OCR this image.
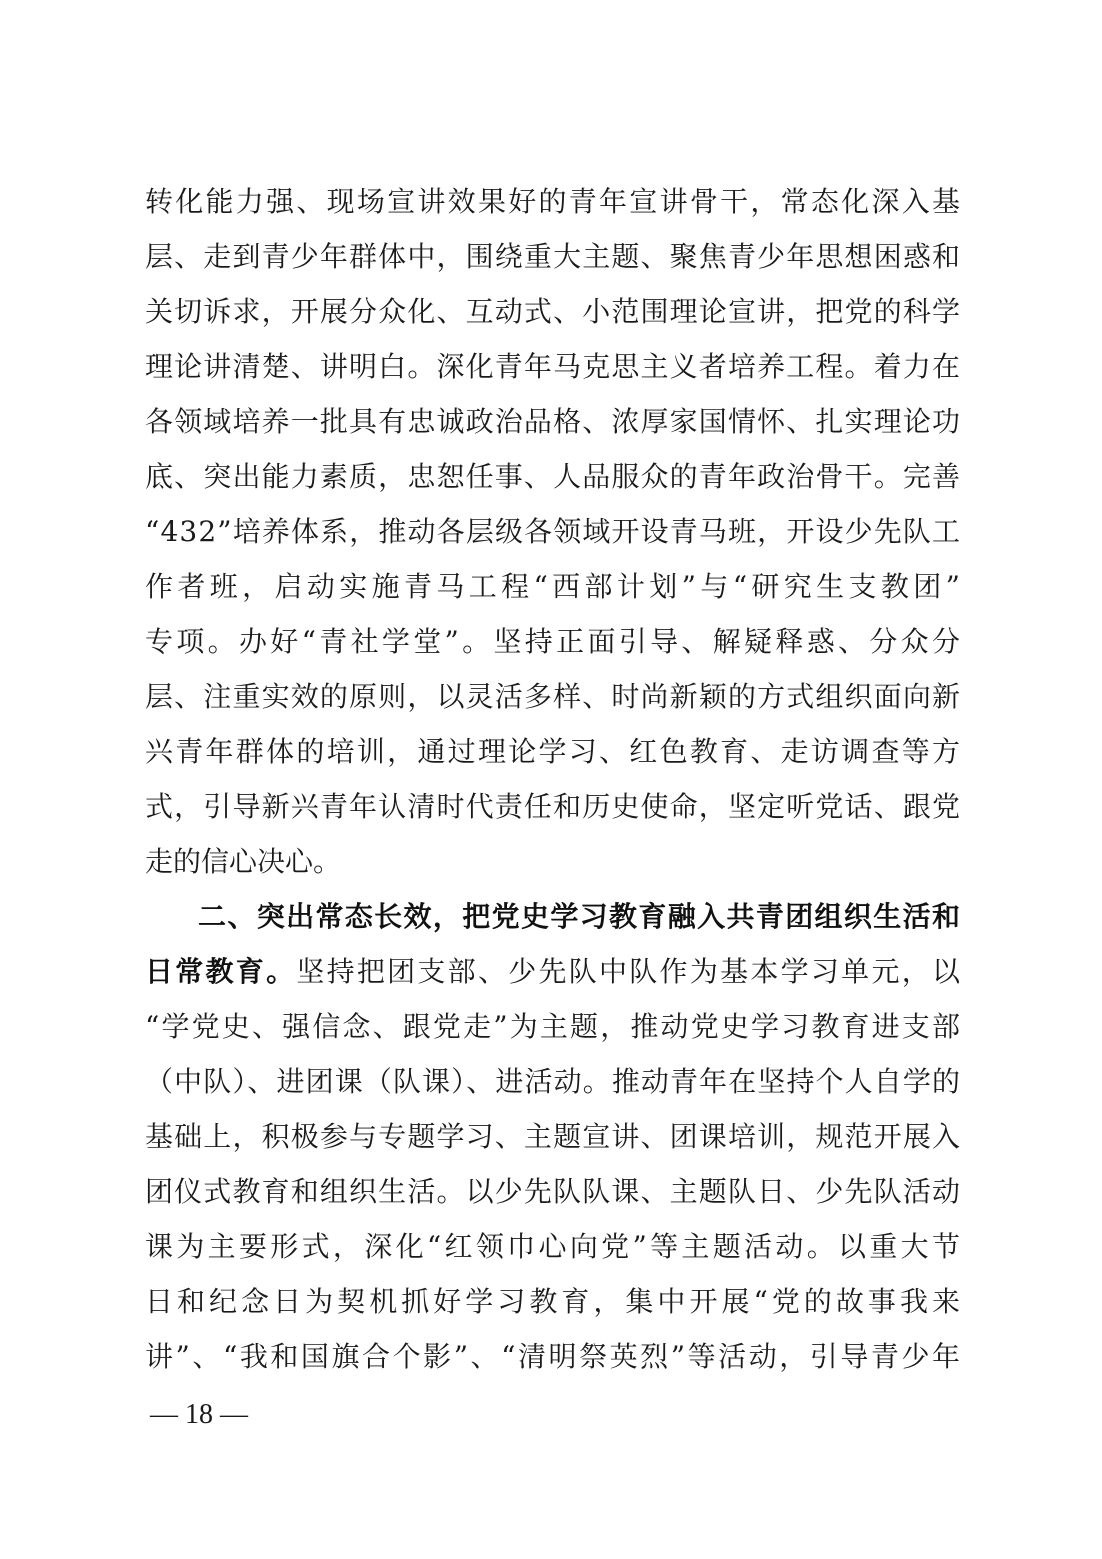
转化能力强、现场宣讲效果好的青年宣讲骨干，常态化深入基
层、走到青少年群体中，围绕重大主题、聚焦青少年思想困惑和
关切诉求，开展分众化、互动式、小范围理论宣讲，把党的科学
理论讲清楚、讲明白。深化青年马克思主义者培养工程。着力在
各领域培养一批具有忠诚政治品格、浓厚家国情怀、扎实理论功
底、突出能力素质，忠恕任事、人品服众的青年政治骨干。完善
“432”培养体系，推动各层级各领域开设青马班，开设少先队工
作者班，启动实施青马工程“西部计划”与“研究生支教团”
专项。办好“青社学堂”。坚持正面引导、解疑释惑、分众分
层、注重实效的原则，以灵活多样、时尚新颖的方式组织面向新
兴青年群体的培训，通过理论学习、红色教育、走访调查等方
式，引导新兴青年认清时代责任和历史使命，坚定听党话、跟党
走的信心决心。
二、突出常态长效，把党史学习教育融入共青团组织生活和
日常教育。坚持把团支部、少先队中队作为基本学习单元，以
“学党史、强信念、跟党走”为主题，推动党史学习教育进支部
（中队）、进团课（队课）、进活动。推动青年在坚持个人自学的
基础上，积极参与专题学习、主题宣讲、团课培训，规范开展入
团仪式教育和组织生活。以少先队队课、主题队日、少先队活动
课为主要形式，深化“红领巾心向党”等主题活动。以重大节
日和纪念日为契机抓好学习教育，集中开展“党的故事我来
讲”、“我和国旗合个影”、“清明祭英烈”等活动，引导青少年
— 18 —
